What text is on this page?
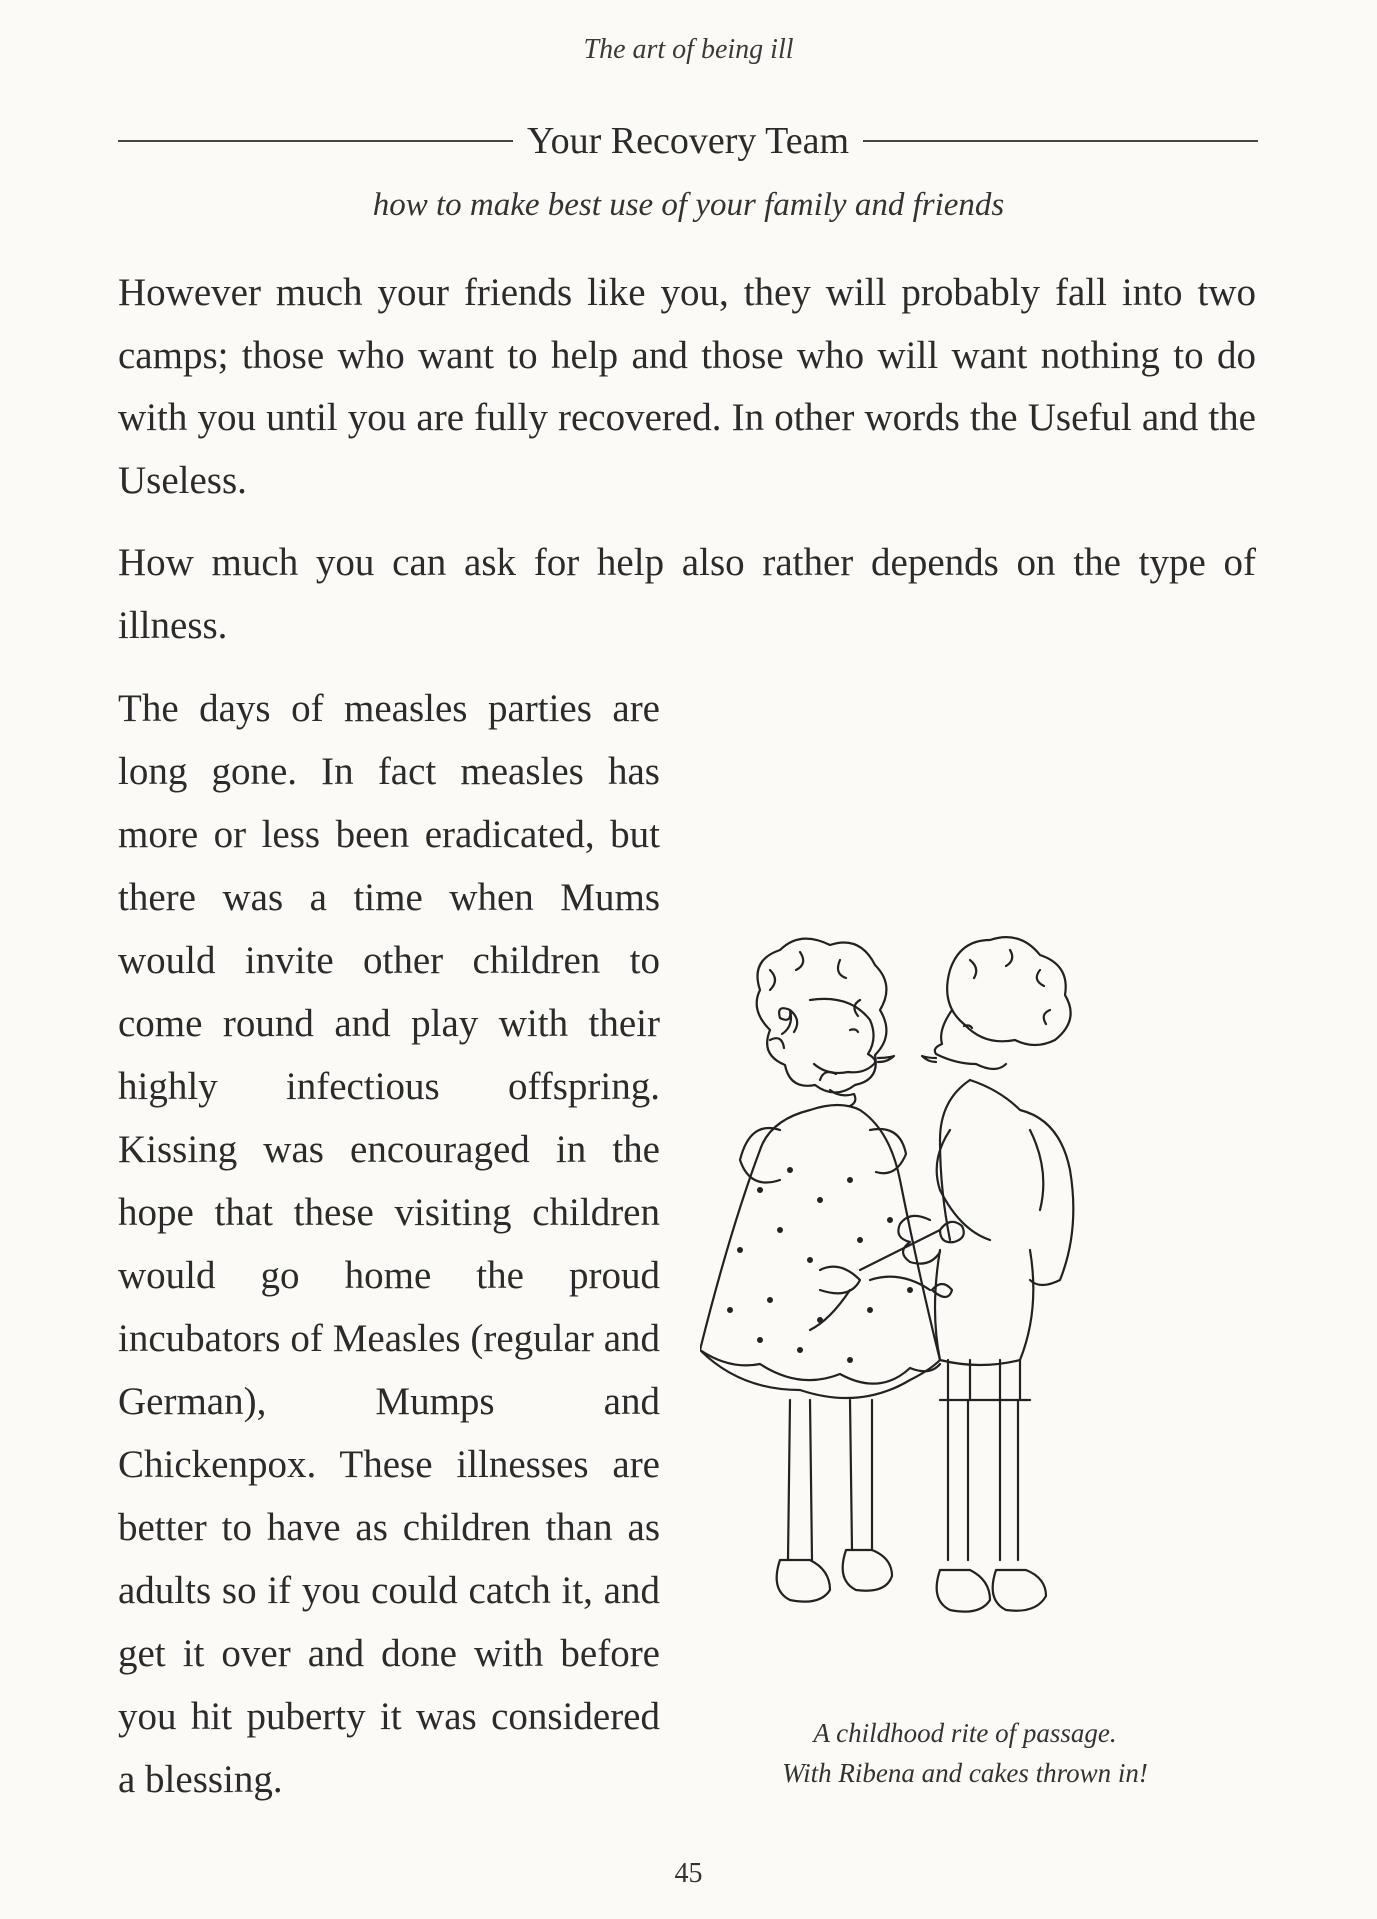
The art of being ill
Your Recovery Team
how to make best use of your family and friends

However much your friends like you, they will probably fall into two camps; those who want to help and those who will want nothing to do with you until you are fully recovered. In other words the Useful and the Useless.

How much you can ask for help also rather depends on the type of illness.

The days of measles parties are long gone. In fact measles has more or less been eradicated, but there was a time when Mums would invite other children to come round and play with their highly infectious offspring. Kissing was encouraged in the hope that these visiting children would go home the proud incubators of Measles (regular and German), Mumps and Chickenpox. These illnesses are better to have as children than as adults so if you could catch it, and get it over and done with before you hit puberty it was considered a blessing.

A childhood rite of passage.
With Ribena and cakes thrown in!
45
